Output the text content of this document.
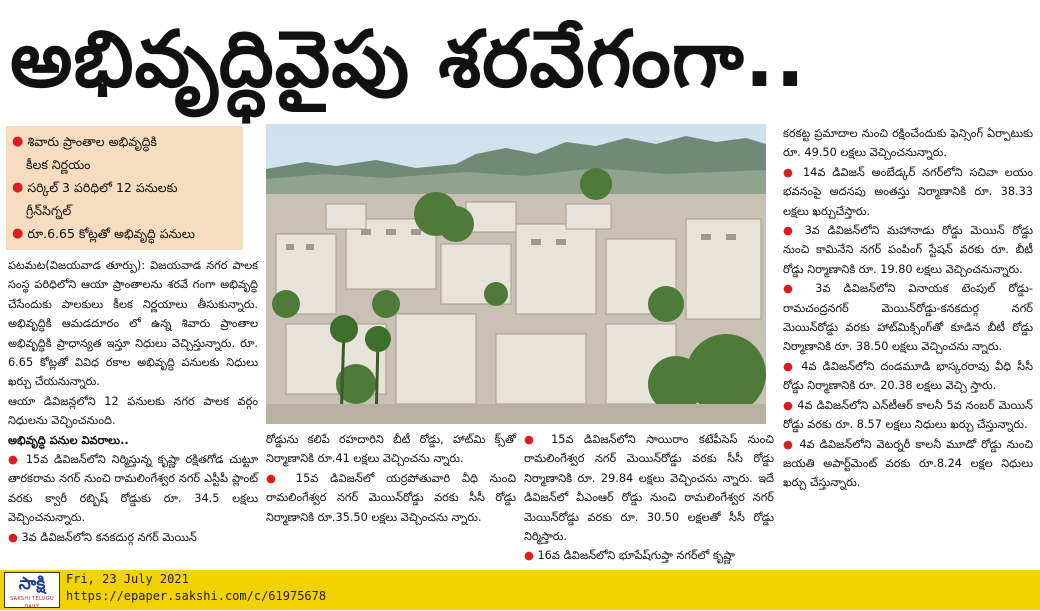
అభివృద్ధివైపు శరవేగంగా..
● శివారు ప్రాంతాల అభివృద్ధికి
కీలక నిర్ణయం
● సర్కిల్ 3 పరిధిలో 12 పనులకు
గ్రీన్‌సిగ్నల్
● రూ.6.65 కోట్లతో అభివృద్ధి పనులు

పటమట(విజయవాడ తూర్పు): విజయవాడ నగర పాలక సంస్థ పరిధిలోని ఆయా ప్రాంతాలను శరవే గంగా అభివృద్ధి చేసేందుకు పాలకులు కీలక నిర్ణయాలు తీసుకున్నారు. అభివృద్ధికి ఆమడదూరం లో ఉన్న శివారు ప్రాంతాల అభివృద్ధికి ప్రాధాన్యత ఇస్తూ నిధులు వెచ్చిస్తున్నారు. రూ. 6.65 కోట్లతో వివిధ రకాల అభివృద్ధి పనులకు నిధులు ఖర్చు చేయనున్నారు.

ఆయా డివిజన్లలోని 12 పనులకు నగర పాలక వర్గం నిధులను వెచ్చించనుంది.

అభివృద్ధి పనుల వివరాలు..

● 15వ డివిజన్‌లోని నిర్మిస్తున్న కృష్ణా రక్షితగోడ చుట్టూ తారకరామ నగర్ నుంచి రామలింగేశ్వర నగర్ ఎస్టీపీ ప్లాంట్ వరకు క్వారీ రబ్బిష్ రోడ్డుకు రూ. 34.5 లక్షలు వెచ్చించనున్నారు.

● 3వ డివిజన్‌లోని కనకదుర్గ నగర్ మెయిన్

రోడ్డును కలిపే రహదారిని బీటీ రోడ్డు, హాట్‌మి క్స్‌తో నిర్మాణానికి రూ.41 లక్షలు వెచ్చించను న్నారు.

● 15వ డివిజన్‌లో యర్రపోతువారి వీధి నుంచి రామలింగేశ్వర నగర్ మెయిన్‌రోడ్డు వరకు సీసీ రోడ్డు నిర్మాణానికి రూ.35.50 లక్షలు వెచ్చించను న్నారు.

● 15వ డివిజన్‌లోని సాయిరాం కటేపీసెస్ నుంచి రామలింగేశ్వర నగర్ మెయిన్‌రోడ్డు వరకు సీసీ రోడ్డు నిర్మాణానికి రూ. 29.84 లక్షలు వెచ్చించను న్నారు. ఇదే డివిజన్‌లో వీఎంఆర్ రోడ్డు నుంచి రామలింగేశ్వర నగర్ మెయిన్‌రోడ్డు వరకు రూ. 30.50 లక్షలతో సీసీ రోడ్డు నిర్మిస్తారు.

● 16వ డివిజన్‌లోని భూపేష్‌గుప్తా నగర్‌లో కృష్ణా

కరకట్ట ప్రమాదాల నుంచి రక్షించేందుకు ఫెన్సింగ్ ఏర్పాటుకు రూ. 49.50 లక్షలు వెచ్చించనున్నారు.

● 14వ డివిజన్ అంబేడ్కర్ నగర్‌లోని సచివా లయం భవనంపై అదనపు అంతస్తు నిర్మాణానికి రూ. 38.33 లక్షలు ఖర్చుచేస్తారు.

● 3వ డివిజన్‌లోని మహానాడు రోడ్డు మెయిన్ రోడ్డు నుంచి కామినేని నగర్ పంపింగ్ స్టేషన్ వరకు రూ. బీటీ రోడ్డు నిర్మాణానికి రూ. 19.80 లక్షలు వెచ్చించనున్నారు.

● 3వ డివిజన్‌లోని వినాయక టెంపుల్ రోడ్డు-రామచంద్రనగర్ మెయిన్‌రోడ్డు-కనకదుర్గ నగర్ మెయిన్‌రోడ్డు వరకు హాట్‌మిక్సింగ్‌తో కూడిన బీటీ రోడ్డు నిర్మాణానికి రూ. 38.50 లక్షలు వెచ్చించను న్నారు.

● 4వ డివిజన్‌లోని దండమూడి భాస్కరరావు వీధి సీసీ రోడ్డు నిర్మాణానికి రూ. 20.38 లక్షలు వెచ్చి స్తారు.

● 4వ డివిజన్‌లోని ఎన్‌టీఆర్ కాలనీ 5వ నంబర్ మెయిన్ రోడ్డు వరకు రూ. 8.57 లక్షలు నిధులు ఖర్చు చేస్తున్నారు.

● 4వ డివిజన్‌లోని వెటర్నరీ కాలనీ మూడో రోడ్డు నుంచి జయతి అపార్ట్‌మెంట్ వరకు రూ.8.24 లక్షల నిధులు ఖర్చు చేస్తున్నారు.

సాక్షి
SAKSHI TELUGU DAILY
Fri, 23 July 2021
https://epaper.sakshi.com/c/61975678
